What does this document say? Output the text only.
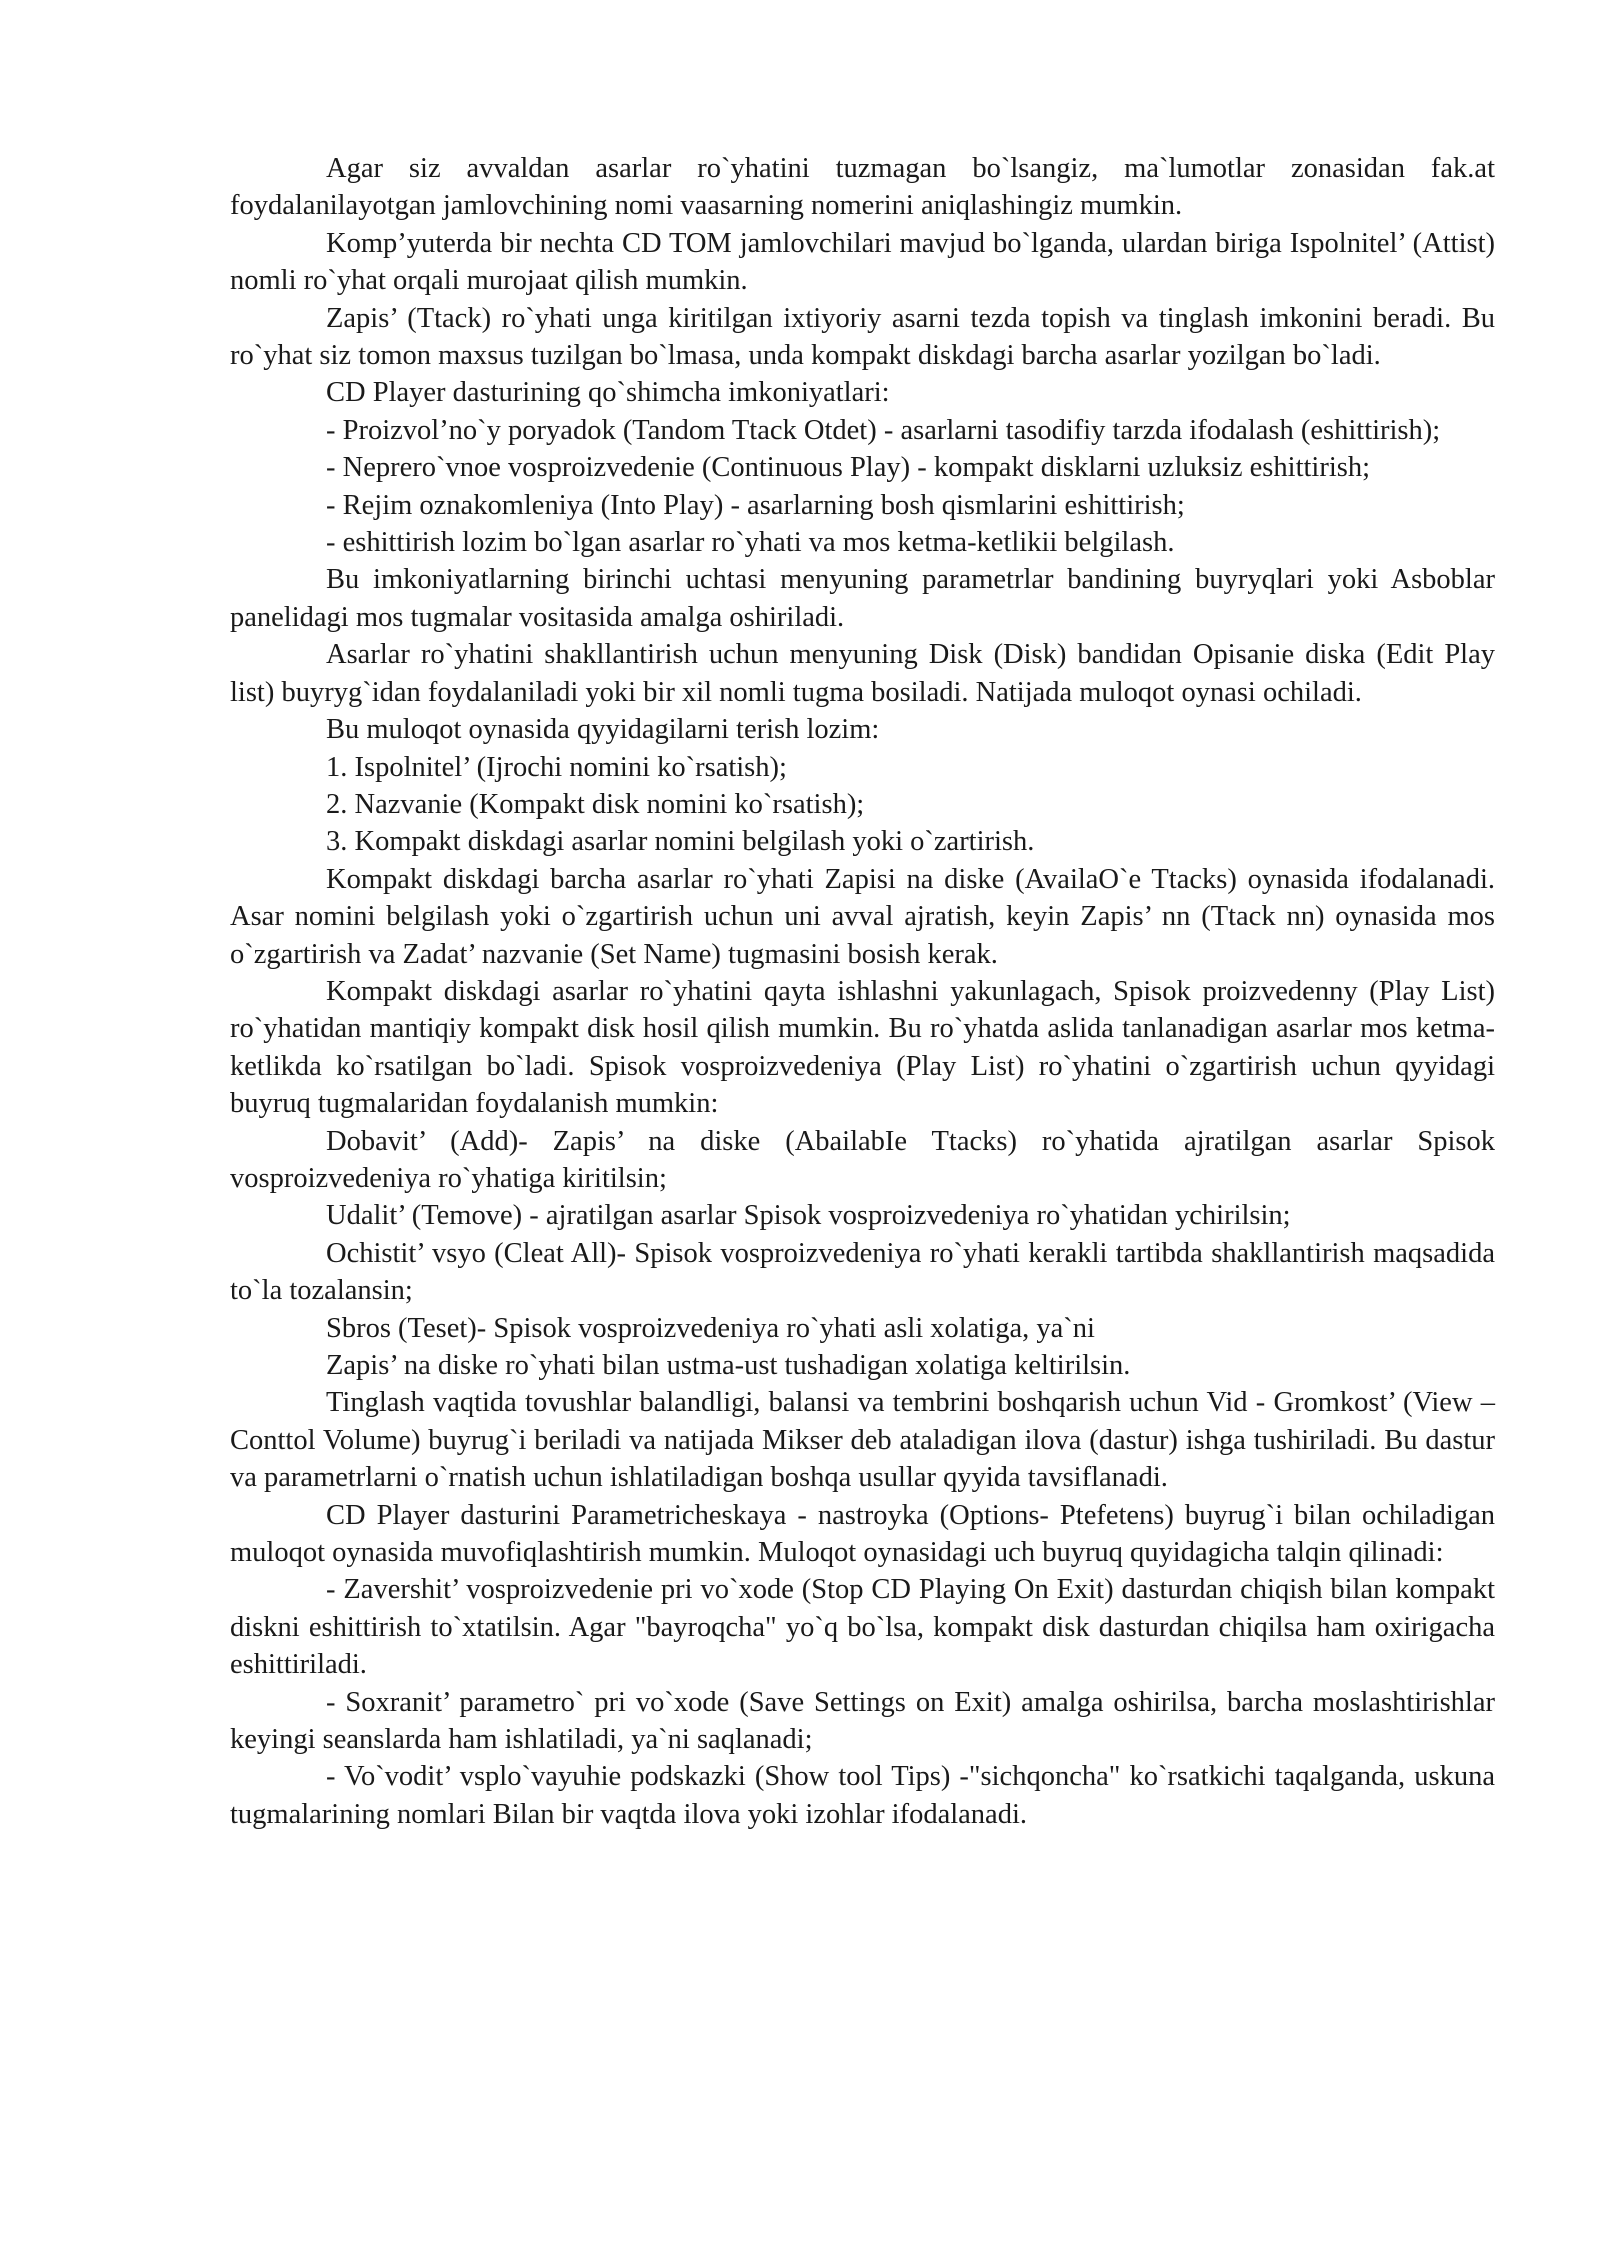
Agar siz avvaldan asarlar ro`yhatini tuzmagan bo`lsangiz, ma`lumotlar zonasidan fak.at foydalanilayotgan jamlovchining nomi vaasarning nomerini aniqlashingiz mumkin.

Komp’yuterda bir nechta CD TOM jamlovchilari mavjud bo`lganda, ulardan biriga Ispolnitel’ (Attist) nomli ro`yhat orqali murojaat qilish mumkin.

Zapis’ (Ttack) ro`yhati unga kiritilgan ixtiyoriy asarni tezda topish va tinglash imkonini beradi. Bu ro`yhat siz tomon maxsus tuzilgan bo`lmasa, unda kompakt diskdagi barcha asarlar yozilgan bo`ladi.

CD Player dasturining qo`shimcha imkoniyatlari:

- Proizvol’no`y poryadok (Tandom Ttack Otdet) - asarlarni tasodifiy tarzda ifodalash (eshittirish);

- Neprero`vnoe vosproizvedenie (Continuous Play) - kompakt disklarni uzluksiz eshittirish;

- Rejim oznakomleniya (Into Play) - asarlarning bosh qismlarini eshittirish;

- eshittirish lozim bo`lgan asarlar ro`yhati va mos ketma-ketlikii belgilash.

Bu imkoniyatlarning birinchi uchtasi menyuning parametrlar bandining buyryqlari yoki Asboblar panelidagi mos tugmalar vositasida amalga oshiriladi.

Asarlar ro`yhatini shakllantirish uchun menyuning Disk (Disk) bandidan Opisanie diska (Edit Play list) buyryg`idan foydalaniladi yoki bir xil nomli tugma bosiladi. Natijada muloqot oynasi ochiladi.

Bu muloqot oynasida qyyidagilarni terish lozim:

1. Ispolnitel’ (Ijrochi nomini ko`rsatish);

2. Nazvanie (Kompakt disk nomini ko`rsatish);

3. Kompakt diskdagi asarlar nomini belgilash yoki o`zartirish.

Kompakt diskdagi barcha asarlar ro`yhati Zapisi na diske (AvailaO`e Ttacks) oynasida ifodalanadi. Asar nomini belgilash yoki o`zgartirish uchun uni avval ajratish, keyin Zapis’ nn (Ttack nn) oynasida mos o`zgartirish va Zadat’ nazvanie (Set Name) tugmasini bosish kerak.

Kompakt diskdagi asarlar ro`yhatini qayta ishlashni yakunlagach, Spisok proizvedenny (Play List) ro`yhatidan mantiqiy kompakt disk hosil qilish mumkin. Bu ro`yhatda aslida tanlanadigan asarlar mos ketma-ketlikda ko`rsatilgan bo`ladi. Spisok vosproizvedeniya (Play List) ro`yhatini o`zgartirish uchun qyyidagi buyruq tugmalaridan foydalanish mumkin:

Dobavit’ (Add)- Zapis’ na diske (AbailabIe Ttacks) ro`yhatida ajratilgan asarlar Spisok vosproizvedeniya ro`yhatiga kiritilsin;

Udalit’ (Temove) - ajratilgan asarlar Spisok vosproizvedeniya ro`yhatidan ychirilsin;

Ochistit’ vsyo (Cleat All)- Spisok vosproizvedeniya ro`yhati kerakli tartibda shakllantirish maqsadida to`la tozalansin;

Sbros (Teset)- Spisok vosproizvedeniya ro`yhati asli xolatiga, ya`ni

Zapis’ na diske ro`yhati bilan ustma-ust tushadigan xolatiga keltirilsin.

Tinglash vaqtida tovushlar balandligi, balansi va tembrini boshqarish uchun Vid - Gromkost’ (View – Conttol Volume) buyrug`i beriladi va natijada Mikser deb ataladigan ilova (dastur) ishga tushiriladi. Bu dastur va parametrlarni o`rnatish uchun ishlatiladigan boshqa usullar qyyida tavsiflanadi.

CD Player dasturini Parametricheskaya - nastroyka (Options- Ptefetens) buyrug`i bilan ochiladigan muloqot oynasida muvofiqlashtirish mumkin. Muloqot oynasidagi uch buyruq quyidagicha talqin qilinadi:

- Zavershit’ vosproizvedenie pri vo`xode (Stop CD Playing On Exit) dasturdan chiqish bilan kompakt diskni eshittirish to`xtatilsin. Agar "bayroqcha" yo`q bo`lsa, kompakt disk dasturdan chiqilsa ham oxirigacha eshittiriladi.

- Soxranit’ parametro` pri vo`xode (Save Settings on Exit) amalga oshirilsa, barcha moslashtirishlar keyingi seanslarda ham ishlatiladi, ya`ni saqlanadi;

- Vo`vodit’ vsplo`vayuhie podskazki (Show tool Tips) -"sichqoncha" ko`rsatkichi taqalganda, uskuna tugmalarining nomlari Bilan bir vaqtda ilova yoki izohlar ifodalanadi.
